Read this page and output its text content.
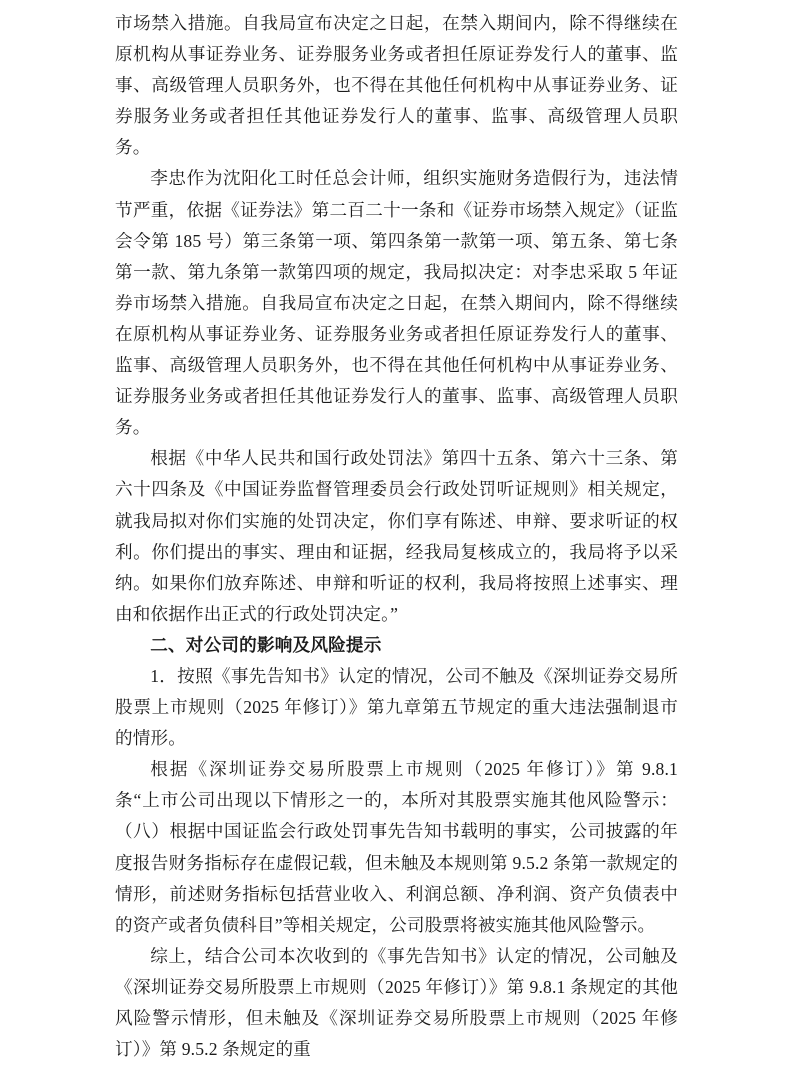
市场禁入措施。自我局宣布决定之日起，在禁入期间内，除不得继续在原机构从事证券业务、证券服务业务或者担任原证券发行人的董事、监事、高级管理人员职务外，也不得在其他任何机构中从事证券业务、证券服务业务或者担任其他证券发行人的董事、监事、高级管理人员职务。

李忠作为沈阳化工时任总会计师，组织实施财务造假行为，违法情节严重，依据《证券法》第二百二十一条和《证券市场禁入规定》（证监会令第 185 号）第三条第一项、第四条第一款第一项、第五条、第七条第一款、第九条第一款第四项的规定，我局拟决定：对李忠采取 5 年证券市场禁入措施。自我局宣布决定之日起，在禁入期间内，除不得继续在原机构从事证券业务、证券服务业务或者担任原证券发行人的董事、监事、高级管理人员职务外，也不得在其他任何机构中从事证券业务、证券服务业务或者担任其他证券发行人的董事、监事、高级管理人员职务。

根据《中华人民共和国行政处罚法》第四十五条、第六十三条、第六十四条及《中国证券监督管理委员会行政处罚听证规则》相关规定，就我局拟对你们实施的处罚决定，你们享有陈述、申辩、要求听证的权利。你们提出的事实、理由和证据，经我局复核成立的，我局将予以采纳。如果你们放弃陈述、申辩和听证的权利，我局将按照上述事实、理由和依据作出正式的行政处罚决定。”

二、对公司的影响及风险提示

1．按照《事先告知书》认定的情况，公司不触及《深圳证券交易所股票上市规则（2025 年修订）》第九章第五节规定的重大违法强制退市的情形。

根据《深圳证券交易所股票上市规则（2025 年修订）》第 9.8.1 条“上市公司出现以下情形之一的，本所对其股票实施其他风险警示：（八）根据中国证监会行政处罚事先告知书载明的事实，公司披露的年度报告财务指标存在虚假记载，但未触及本规则第 9.5.2 条第一款规定的情形，前述财务指标包括营业收入、利润总额、净利润、资产负债表中的资产或者负债科目”等相关规定，公司股票将被实施其他风险警示。

综上，结合公司本次收到的《事先告知书》认定的情况，公司触及《深圳证券交易所股票上市规则（2025 年修订）》第 9.8.1 条规定的其他风险警示情形，但未触及《深圳证券交易所股票上市规则（2025 年修订）》第 9.5.2 条规定的重
